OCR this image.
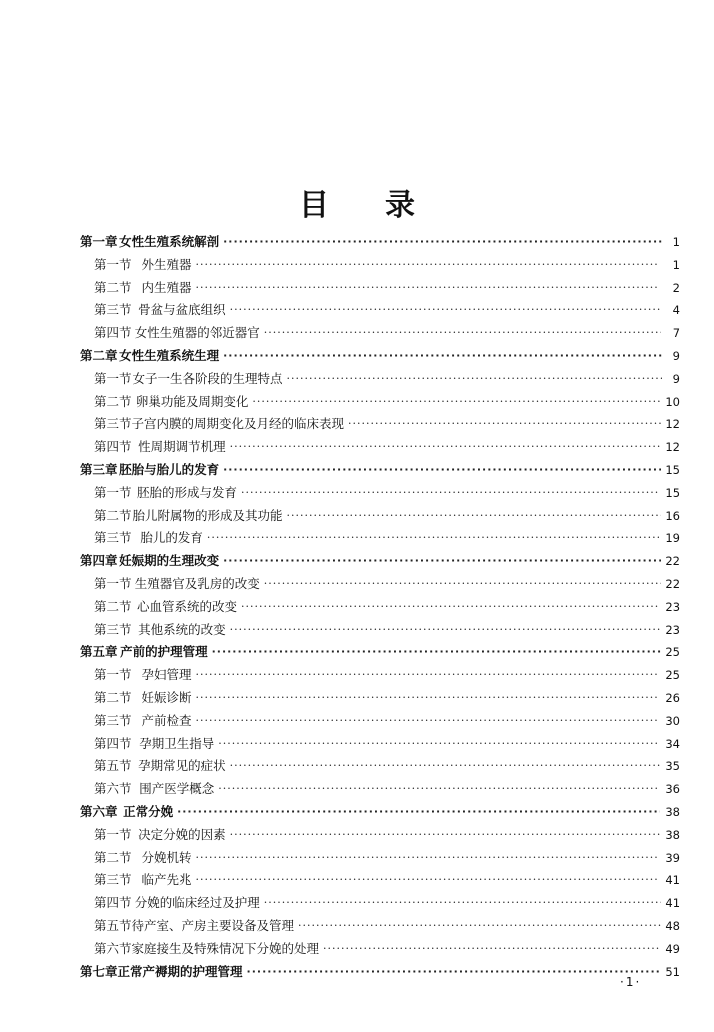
目录
第一章 女性生殖系统解剖 ·····	1
第一节 外生殖器 ·····	1
第二节 内生殖器 ·····	2
第三节 骨盆与盆底组织 ·····	4
第四节 女性生殖器的邻近器官 ·····	7
第二章 女性生殖系统生理 ·····	9
第一节 女子一生各阶段的生理特点 ·····	9
第二节 卵巢功能及周期变化 ·····	10
第三节 子宫内膜的周期变化及月经的临床表现 ·····	12
第四节 性周期调节机理 ·····	12
第三章 胚胎与胎儿的发育 ·····	15
第一节 胚胎的形成与发育 ·····	15
第二节 胎儿附属物的形成及其功能 ·····	16
第三节 胎儿的发育 ·····	19
第四章 妊娠期的生理改变 ·····	22
第一节 生殖器官及乳房的改变 ·····	22
第二节 心血管系统的改变 ·····	23
第三节 其他系统的改变 ·····	23
第五章 产前的护理管理 ·····	25
第一节 孕妇管理 ·····	25
第二节 妊娠诊断 ·····	26
第三节 产前检查 ·····	30
第四节 孕期卫生指导 ·····	34
第五节 孕期常见的症状 ·····	35
第六节 围产医学概念 ·····	36
第六章 正常分娩 ·····	38
第一节 决定分娩的因素 ·····	38
第二节 分娩机转 ·····	39
第三节 临产先兆 ·····	41
第四节 分娩的临床经过及护理 ·····	41
第五节 待产室、产房主要设备及管理 ·····	48
第六节 家庭接生及特殊情况下分娩的处理 ·····	49
第七章 正常产褥期的护理管理 ·····	51
·1·
